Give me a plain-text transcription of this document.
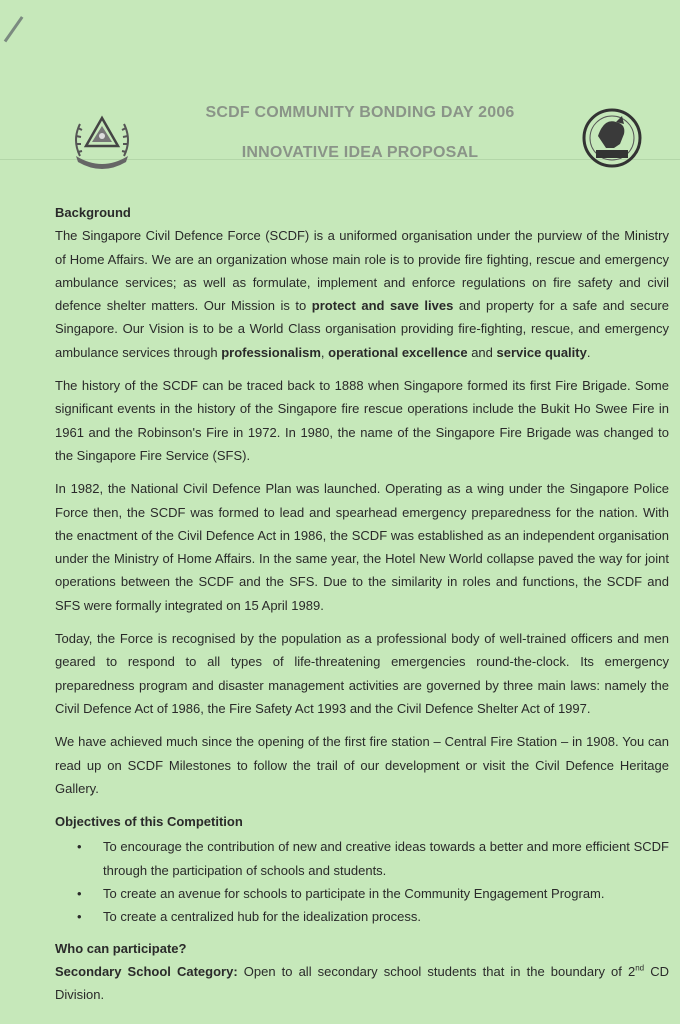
SCDF COMMUNITY BONDING DAY 2006
INNOVATIVE IDEA PROPOSAL

Background

The Singapore Civil Defence Force (SCDF) is a uniformed organisation under the purview of the Ministry of Home Affairs. We are an organization whose main role is to provide fire fighting, rescue and emergency ambulance services; as well as formulate, implement and enforce regulations on fire safety and civil defence shelter matters. Our Mission is to protect and save lives and property for a safe and secure Singapore. Our Vision is to be a World Class organisation providing fire-fighting, rescue, and emergency ambulance services through professionalism, operational excellence and service quality.

The history of the SCDF can be traced back to 1888 when Singapore formed its first Fire Brigade. Some significant events in the history of the Singapore fire rescue operations include the Bukit Ho Swee Fire in 1961 and the Robinson's Fire in 1972. In 1980, the name of the Singapore Fire Brigade was changed to the Singapore Fire Service (SFS).

In 1982, the National Civil Defence Plan was launched. Operating as a wing under the Singapore Police Force then, the SCDF was formed to lead and spearhead emergency preparedness for the nation. With the enactment of the Civil Defence Act in 1986, the SCDF was established as an independent organisation under the Ministry of Home Affairs. In the same year, the Hotel New World collapse paved the way for joint operations between the SCDF and the SFS. Due to the similarity in roles and functions, the SCDF and SFS were formally integrated on 15 April 1989.

Today, the Force is recognised by the population as a professional body of well-trained officers and men geared to respond to all types of life-threatening emergencies round-the-clock. Its emergency preparedness program and disaster management activities are governed by three main laws: namely the Civil Defence Act of 1986, the Fire Safety Act 1993 and the Civil Defence Shelter Act of 1997.

We have achieved much since the opening of the first fire station – Central Fire Station – in 1908. You can read up on SCDF Milestones to follow the trail of our development or visit the Civil Defence Heritage Gallery.

Objectives of this Competition

• To encourage the contribution of new and creative ideas towards a better and more efficient SCDF through the participation of schools and students.
• To create an avenue for schools to participate in the Community Engagement Program.
• To create a centralized hub for the idealization process.

Who can participate?

Secondary School Category: Open to all secondary school students that in the boundary of 2nd CD Division.
